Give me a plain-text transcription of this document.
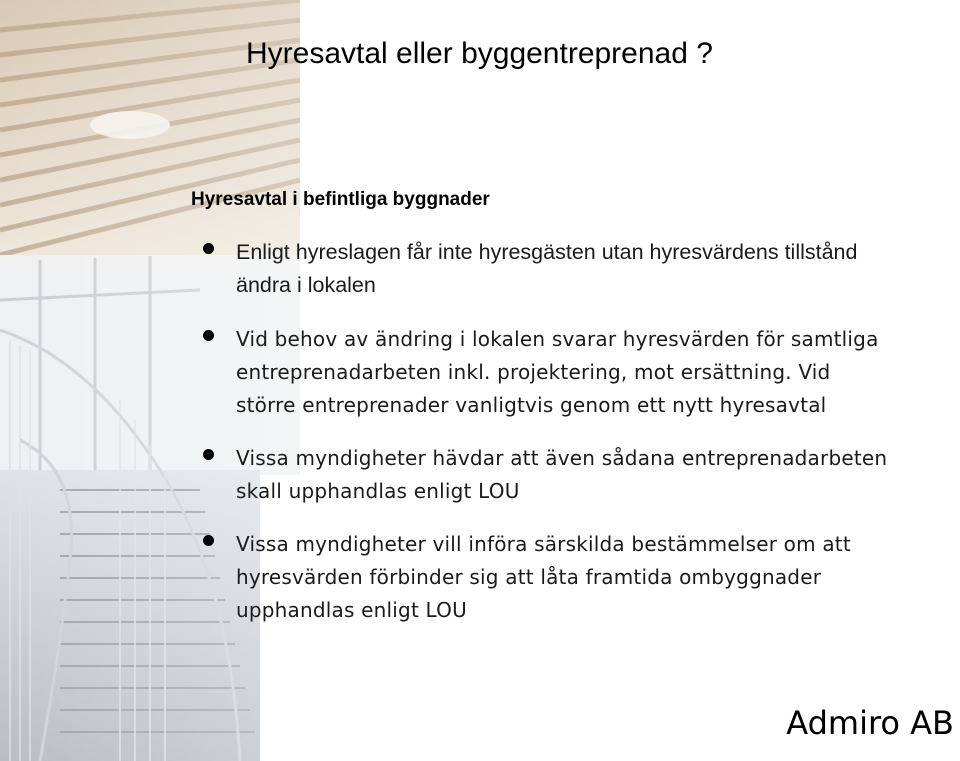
Hyresavtal eller byggentreprenad ?
Hyresavtal i befintliga byggnader
Enligt hyreslagen får inte hyresgästen utan hyresvärdens tillstånd ändra i lokalen
Vid behov av ändring i lokalen svarar hyresvärden för samtliga entreprenadarbeten inkl. projektering, mot ersättning. Vid större entreprenader vanligtvis genom ett nytt hyresavtal
Vissa myndigheter hävdar att även sådana entreprenadarbeten skall upphandlas enligt LOU
Vissa myndigheter vill införa särskilda bestämmelser om att hyresvärden förbinder sig att låta framtida ombyggnader upphandlas enligt LOU
Admiro AB
